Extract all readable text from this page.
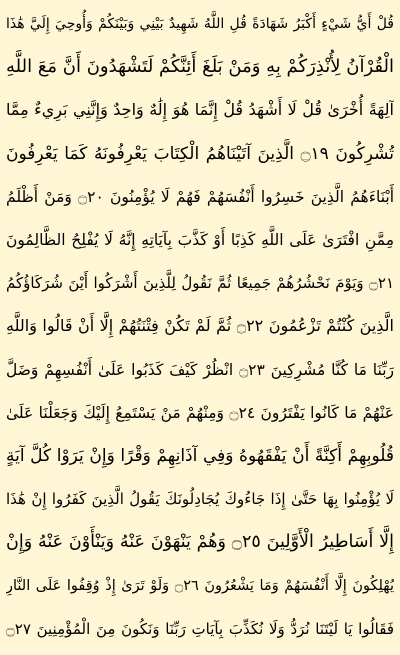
قُلْ أَيُّ شَيْءٍ أَكْبَرُ شَهَادَةً قُلِ اللَّهُ شَهِيدٌ بَيْنِي وَبَيْنَكُمْ وَأُوحِيَ إِلَيَّ هَٰذَا
الْقُرْآنُ لِأُنْذِرَكُمْ بِهِ وَمَنْ بَلَغَ أَئِنَّكُمْ لَتَشْهَدُونَ أَنَّ مَعَ اللَّهِ
آلِهَةً أُخْرَىٰ قُلْ لَا أَشْهَدُ قُلْ إِنَّمَا هُوَ إِلَٰهٌ وَاحِدٌ وَإِنَّنِي بَرِيءٌ مِمَّا
تُشْرِكُونَ ۝١٩ الَّذِينَ آتَيْنَاهُمُ الْكِتَابَ يَعْرِفُونَهُ كَمَا يَعْرِفُونَ
أَبْنَاءَهُمُ الَّذِينَ خَسِرُوا أَنْفُسَهُمْ فَهُمْ لَا يُؤْمِنُونَ ۝٢٠ وَمَنْ أَظْلَمُ
مِمَّنِ افْتَرَىٰ عَلَى اللَّهِ كَذِبًا أَوْ كَذَّبَ بِآيَاتِهِ إِنَّهُ لَا يُفْلِحُ الظَّالِمُونَ
۝٢١ وَيَوْمَ نَحْشُرُهُمْ جَمِيعًا ثُمَّ نَقُولُ لِلَّذِينَ أَشْرَكُوا أَيْنَ شُرَكَاؤُكُمُ
الَّذِينَ كُنْتُمْ تَزْعُمُونَ ۝٢٢ ثُمَّ لَمْ تَكُنْ فِتْنَتُهُمْ إِلَّا أَنْ قَالُوا وَاللَّهِ
رَبِّنَا مَا كُنَّا مُشْرِكِينَ ۝٢٣ انْظُرْ كَيْفَ كَذَبُوا عَلَىٰ أَنْفُسِهِمْ وَضَلَّ
عَنْهُمْ مَا كَانُوا يَفْتَرُونَ ۝٢٤ وَمِنْهُمْ مَنْ يَسْتَمِعُ إِلَيْكَ وَجَعَلْنَا عَلَىٰ
قُلُوبِهِمْ أَكِنَّةً أَنْ يَفْقَهُوهُ وَفِي آذَانِهِمْ وَقْرًا وَإِنْ يَرَوْا كُلَّ آيَةٍ
لَا يُؤْمِنُوا بِهَا حَتَّىٰ إِذَا جَاءُوكَ يُجَادِلُونَكَ يَقُولُ الَّذِينَ كَفَرُوا إِنْ هَٰذَا
إِلَّا أَسَاطِيرُ الْأَوَّلِينَ ۝٢٥ وَهُمْ يَنْهَوْنَ عَنْهُ وَيَنْأَوْنَ عَنْهُ وَإِنْ
يُهْلِكُونَ إِلَّا أَنْفُسَهُمْ وَمَا يَشْعُرُونَ ۝٢٦ وَلَوْ تَرَىٰ إِذْ وُقِفُوا عَلَى النَّارِ
فَقَالُوا يَا لَيْتَنَا نُرَدُّ وَلَا نُكَذِّبَ بِآيَاتِ رَبِّنَا وَنَكُونَ مِنَ الْمُؤْمِنِينَ ۝٢٧
